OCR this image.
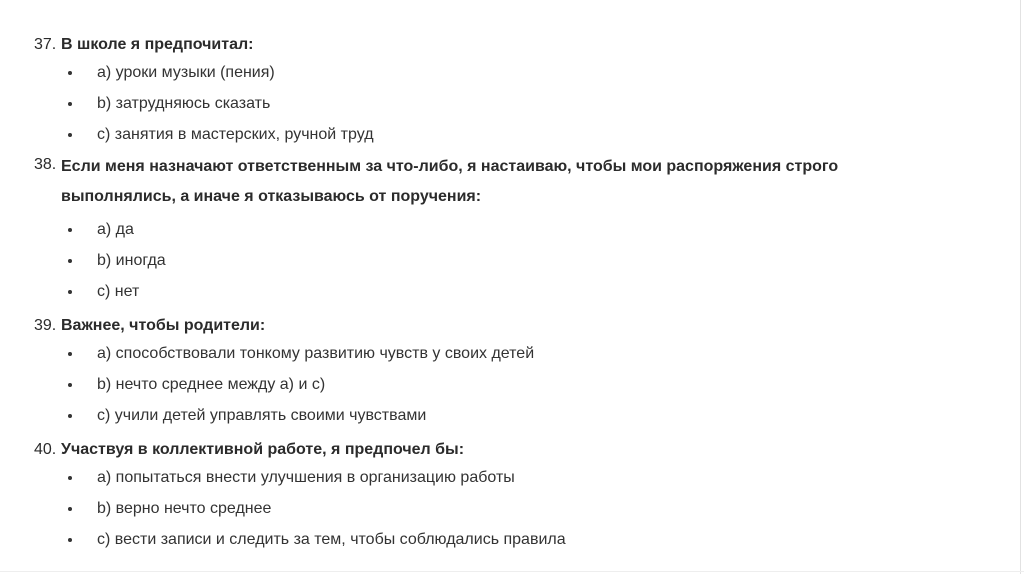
37. В школе я предпочитал:
a) уроки музыки (пения)
b) затрудняюсь сказать
c) занятия в мастерских, ручной труд
38. Если меня назначают ответственным за что-либо, я настаиваю, чтобы мои распоряжения строго выполнялись, а иначе я отказываюсь от поручения:
a) да
b) иногда
c) нет
39. Важнее, чтобы родители:
a) способствовали тонкому развитию чувств у своих детей
b) нечто среднее между а) и с)
c) учили детей управлять своими чувствами
40. Участвуя в коллективной работе, я предпочел бы:
a) попытаться внести улучшения в организацию работы
b) верно нечто среднее
c) вести записи и следить за тем, чтобы соблюдались правила
